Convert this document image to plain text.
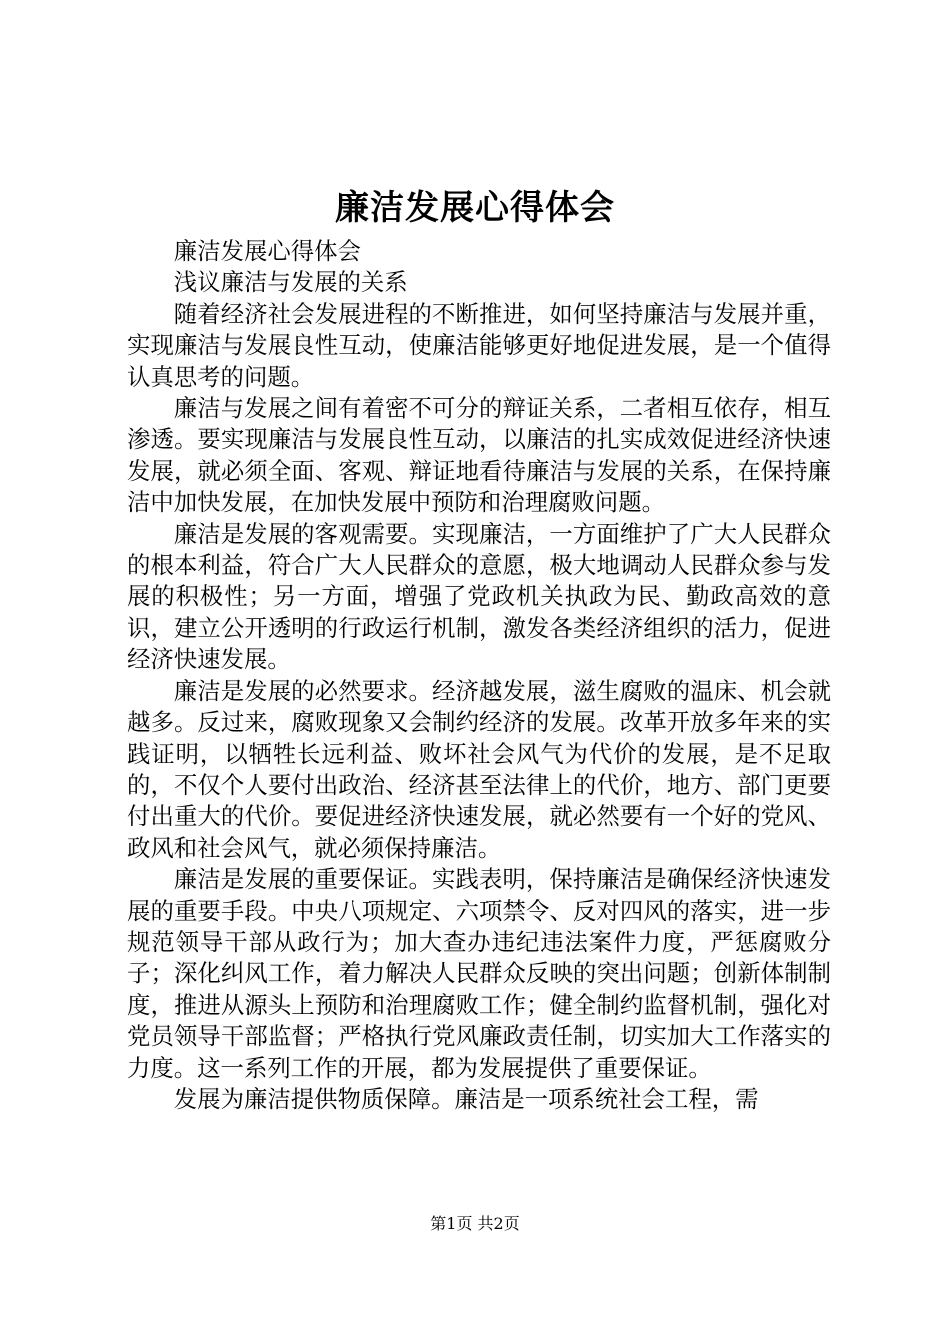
廉洁发展心得体会

廉洁发展心得体会

浅议廉洁与发展的关系

随着经济社会发展进程的不断推进，如何坚持廉洁与发展并重，实现廉洁与发展良性互动，使廉洁能够更好地促进发展，是一个值得认真思考的问题。

廉洁与发展之间有着密不可分的辩证关系，二者相互依存，相互渗透。要实现廉洁与发展良性互动，以廉洁的扎实成效促进经济快速发展，就必须全面、客观、辩证地看待廉洁与发展的关系，在保持廉洁中加快发展，在加快发展中预防和治理腐败问题。

廉洁是发展的客观需要。实现廉洁，一方面维护了广大人民群众的根本利益，符合广大人民群众的意愿，极大地调动人民群众参与发展的积极性；另一方面，增强了党政机关执政为民、勤政高效的意识，建立公开透明的行政运行机制，激发各类经济组织的活力，促进经济快速发展。

廉洁是发展的必然要求。经济越发展，滋生腐败的温床、机会就越多。反过来，腐败现象又会制约经济的发展。改革开放多年来的实践证明，以牺牲长远利益、败坏社会风气为代价的发展，是不足取的，不仅个人要付出政治、经济甚至法律上的代价，地方、部门更要付出重大的代价。要促进经济快速发展，就必然要有一个好的党风、政风和社会风气，就必须保持廉洁。

廉洁是发展的重要保证。实践表明，保持廉洁是确保经济快速发展的重要手段。中央八项规定、六项禁令、反对四风的落实，进一步规范领导干部从政行为；加大查办违纪违法案件力度，严惩腐败分子；深化纠风工作，着力解决人民群众反映的突出问题；创新体制制度，推进从源头上预防和治理腐败工作；健全制约监督机制，强化对党员领导干部监督；严格执行党风廉政责任制，切实加大工作落实的力度。这一系列工作的开展，都为发展提供了重要保证。

发展为廉洁提供物质保障。廉洁是一项系统社会工程，需

第1页 共2页
